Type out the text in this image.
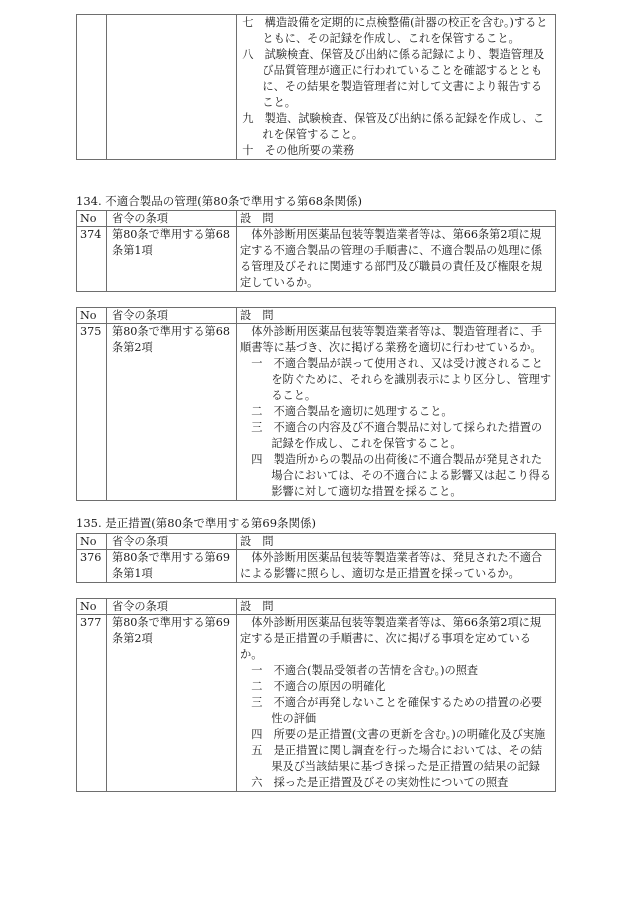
七　 構造設備を定期的に点検整備(計器の校正を含む。)するとともに、その記録を作成し、これを保管すること。
八　 試験検査、保管及び出納に係る記録により、製造管理及び品質管理が適正に行われていることを確認するとともに、その結果を製造管理者に対して文書により報告すること。
九　 製造、試験検査、保管及び出納に係る記録を作成し、これを保管すること。
十　 その他所要の業務
134. 不適合製品の管理(第80条で準用する第68条関係)
No	省令の条項	設　問
374	第80条で準用する第68条第1項	体外診断用医薬品包装等製造業者等は、第66条第2項に規定する不適合製品の管理の手順書に、不適合製品の処理に係る管理及びそれに関連する部門及び職員の責任及び権限を規定しているか。
No	省令の条項	設　問
375	第80条で準用する第68条第2項	
体外診断用医薬品包装等製造業者等は、製造管理者に、手順書等に基づき、次に掲げる業務を適切に行わせているか。
一　 不適合製品が誤って使用され、又は受け渡されることを防ぐために、それらを識別表示により区分し、管理すること。
二　 不適合製品を適切に処理すること。
三　 不適合の内容及び不適合製品に対して採られた措置の記録を作成し、これを保管すること。
四　 製造所からの製品の出荷後に不適合製品が発見された場合においては、その不適合による影響又は起こり得る影響に対して適切な措置を採ること。
135. 是正措置(第80条で準用する第69条関係)
No	省令の条項	設　問
376	第80条で準用する第69条第1項	体外診断用医薬品包装等製造業者等は、発見された不適合による影響に照らし、適切な是正措置を採っているか。
No	省令の条項	設　問
377	第80条で準用する第69条第2項	
体外診断用医薬品包装等製造業者等は、第66条第2項に規定する是正措置の手順書に、次に掲げる事項を定めているか。
一　 不適合(製品受領者の苦情を含む。)の照査
二　 不適合の原因の明確化
三　 不適合が再発しないことを確保するための措置の必要性の評価
四　 所要の是正措置(文書の更新を含む。)の明確化及び実施
五　 是正措置に関し調査を行った場合においては、その結果及び当該結果に基づき採った是正措置の結果の記録
六　 採った是正措置及びその実効性についての照査
